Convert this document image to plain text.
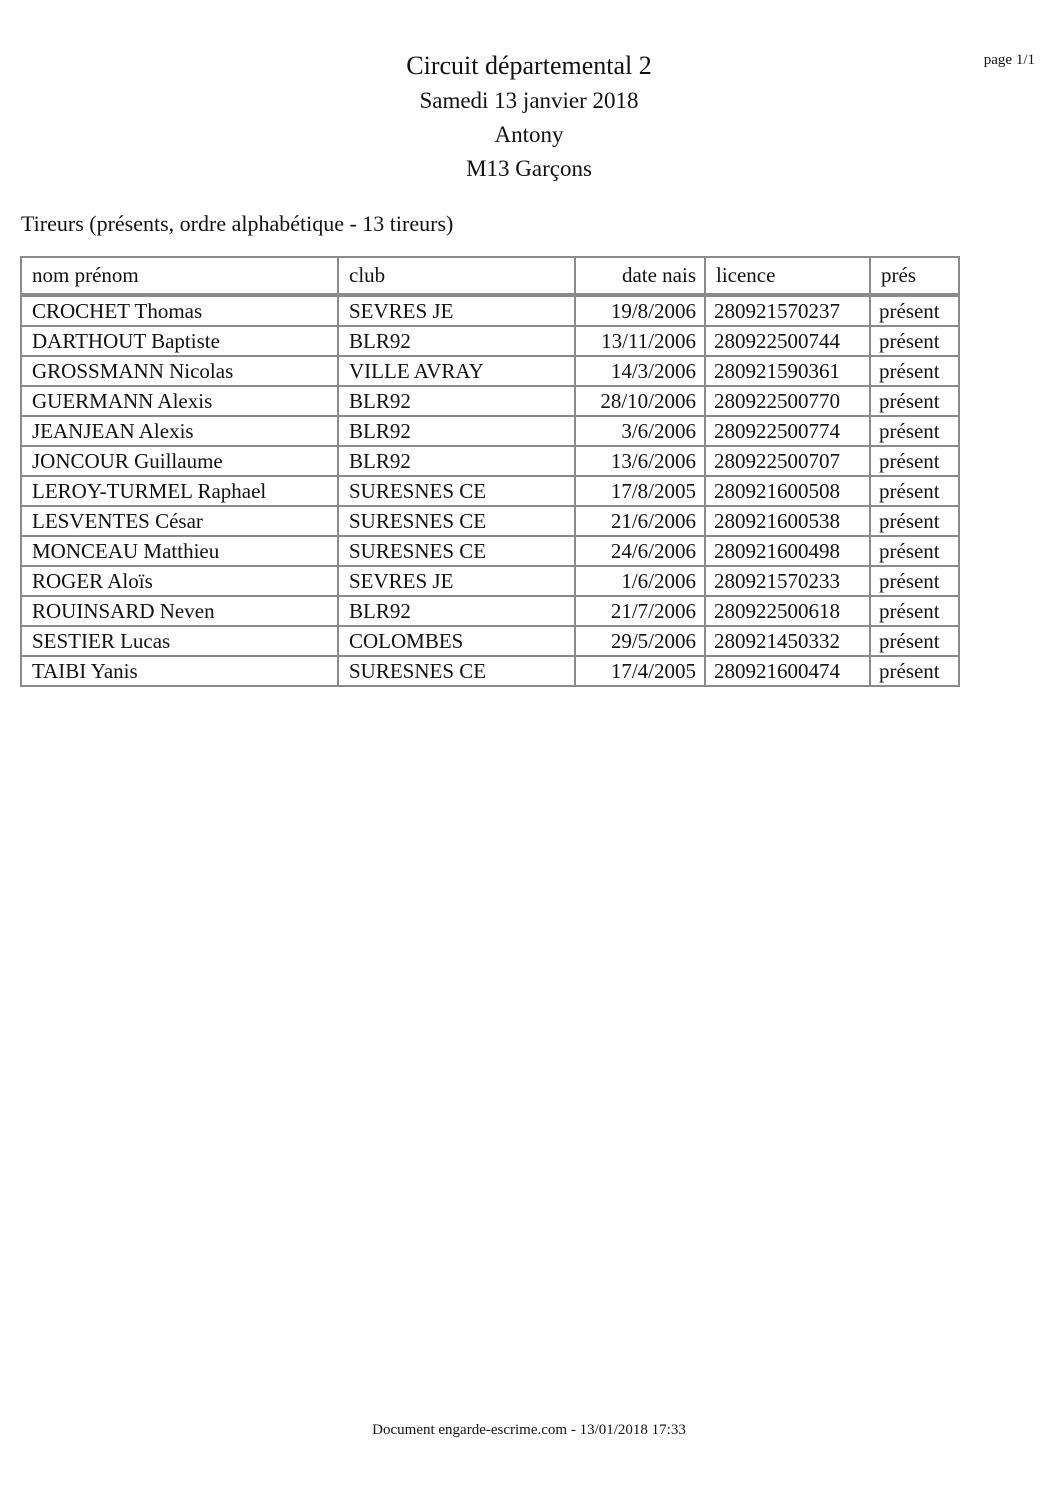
Circuit départemental 2
Samedi 13 janvier 2018
Antony
M13 Garçons
page 1/1
Tireurs (présents, ordre alphabétique - 13 tireurs)
nom prénom	club	date nais	licence	prés
CROCHET Thomas	SEVRES JE	19/8/2006	280921570237	présent
DARTHOUT Baptiste	BLR92	13/11/2006	280922500744	présent
GROSSMANN Nicolas	VILLE AVRAY	14/3/2006	280921590361	présent
GUERMANN Alexis	BLR92	28/10/2006	280922500770	présent
JEANJEAN Alexis	BLR92	3/6/2006	280922500774	présent
JONCOUR Guillaume	BLR92	13/6/2006	280922500707	présent
LEROY-TURMEL Raphael	SURESNES CE	17/8/2005	280921600508	présent
LESVENTES César	SURESNES CE	21/6/2006	280921600538	présent
MONCEAU Matthieu	SURESNES CE	24/6/2006	280921600498	présent
ROGER Aloïs	SEVRES JE	1/6/2006	280921570233	présent
ROUINSARD Neven	BLR92	21/7/2006	280922500618	présent
SESTIER Lucas	COLOMBES	29/5/2006	280921450332	présent
TAIBI Yanis	SURESNES CE	17/4/2005	280921600474	présent
Document engarde-escrime.com - 13/01/2018 17:33
